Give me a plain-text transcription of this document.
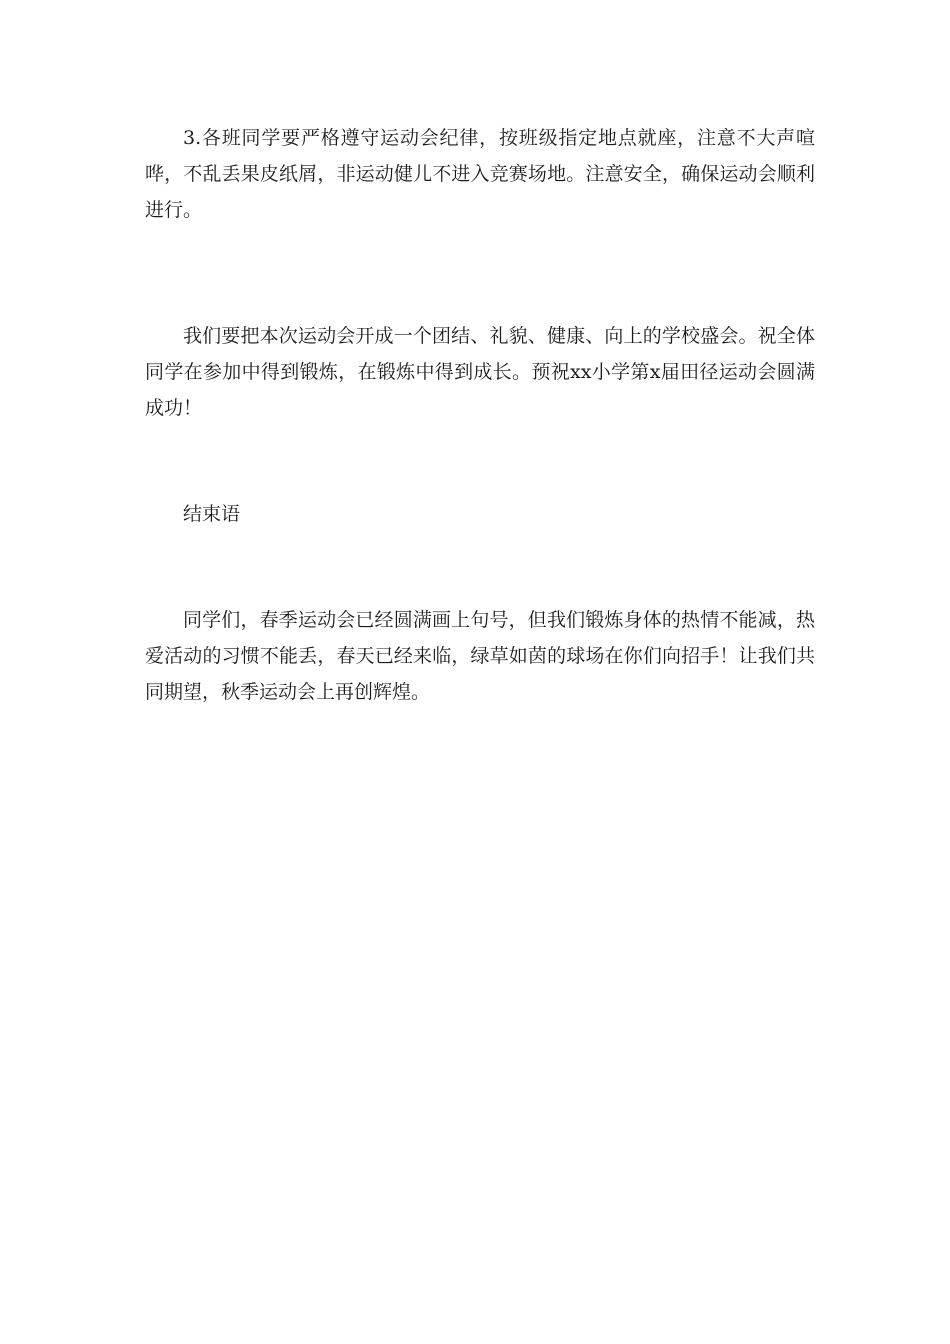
3.各班同学要严格遵守运动会纪律，按班级指定地点就座，注意不大声喧哗，不乱丢果皮纸屑，非运动健儿不进入竞赛场地。注意安全，确保运动会顺利进行。

我们要把本次运动会开成一个团结、礼貌、健康、向上的学校盛会。祝全体同学在参加中得到锻炼，在锻炼中得到成长。预祝xx小学第x届田径运动会圆满成功！

结束语

同学们，春季运动会已经圆满画上句号，但我们锻炼身体的热情不能减，热爱活动的习惯不能丢，春天已经来临，绿草如茵的球场在你们向招手！让我们共同期望，秋季运动会上再创辉煌。
